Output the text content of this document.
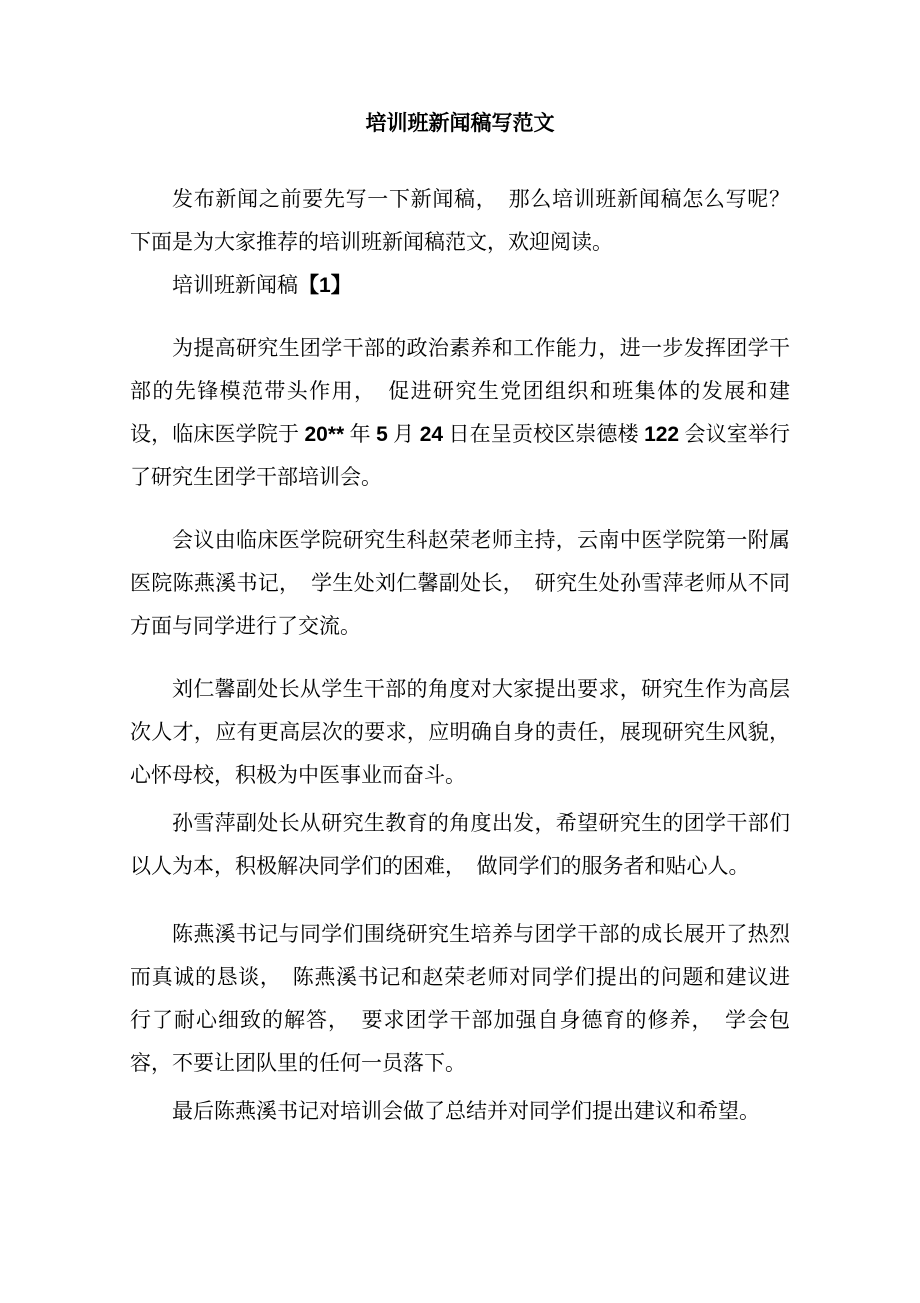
培训班新闻稿写范文

发布新闻之前要先写一下新闻稿，　那么培训班新闻稿怎么写呢？下面是为大家推荐的培训班新闻稿范文，欢迎阅读。

培训班新闻稿【1】

为提高研究生团学干部的政治素养和工作能力，进一步发挥团学干部的先锋模范带头作用，　促进研究生党团组织和班集体的发展和建设，临床医学院于 20** 年 5 月 24 日在呈贡校区崇德楼 122 会议室举行了研究生团学干部培训会。

会议由临床医学院研究生科赵荣老师主持，云南中医学院第一附属医院陈燕溪书记，　学生处刘仁馨副处长，　研究生处孙雪萍老师从不同方面与同学进行了交流。

刘仁馨副处长从学生干部的角度对大家提出要求，研究生作为高层次人才，应有更高层次的要求，应明确自身的责任，展现研究生风貌，心怀母校，积极为中医事业而奋斗。

孙雪萍副处长从研究生教育的角度出发，希望研究生的团学干部们以人为本，积极解决同学们的困难，　做同学们的服务者和贴心人。

陈燕溪书记与同学们围绕研究生培养与团学干部的成长展开了热烈而真诚的恳谈，　陈燕溪书记和赵荣老师对同学们提出的问题和建议进行了耐心细致的解答，　要求团学干部加强自身德育的修养，　学会包容，不要让团队里的任何一员落下。

最后陈燕溪书记对培训会做了总结并对同学们提出建议和希望。
